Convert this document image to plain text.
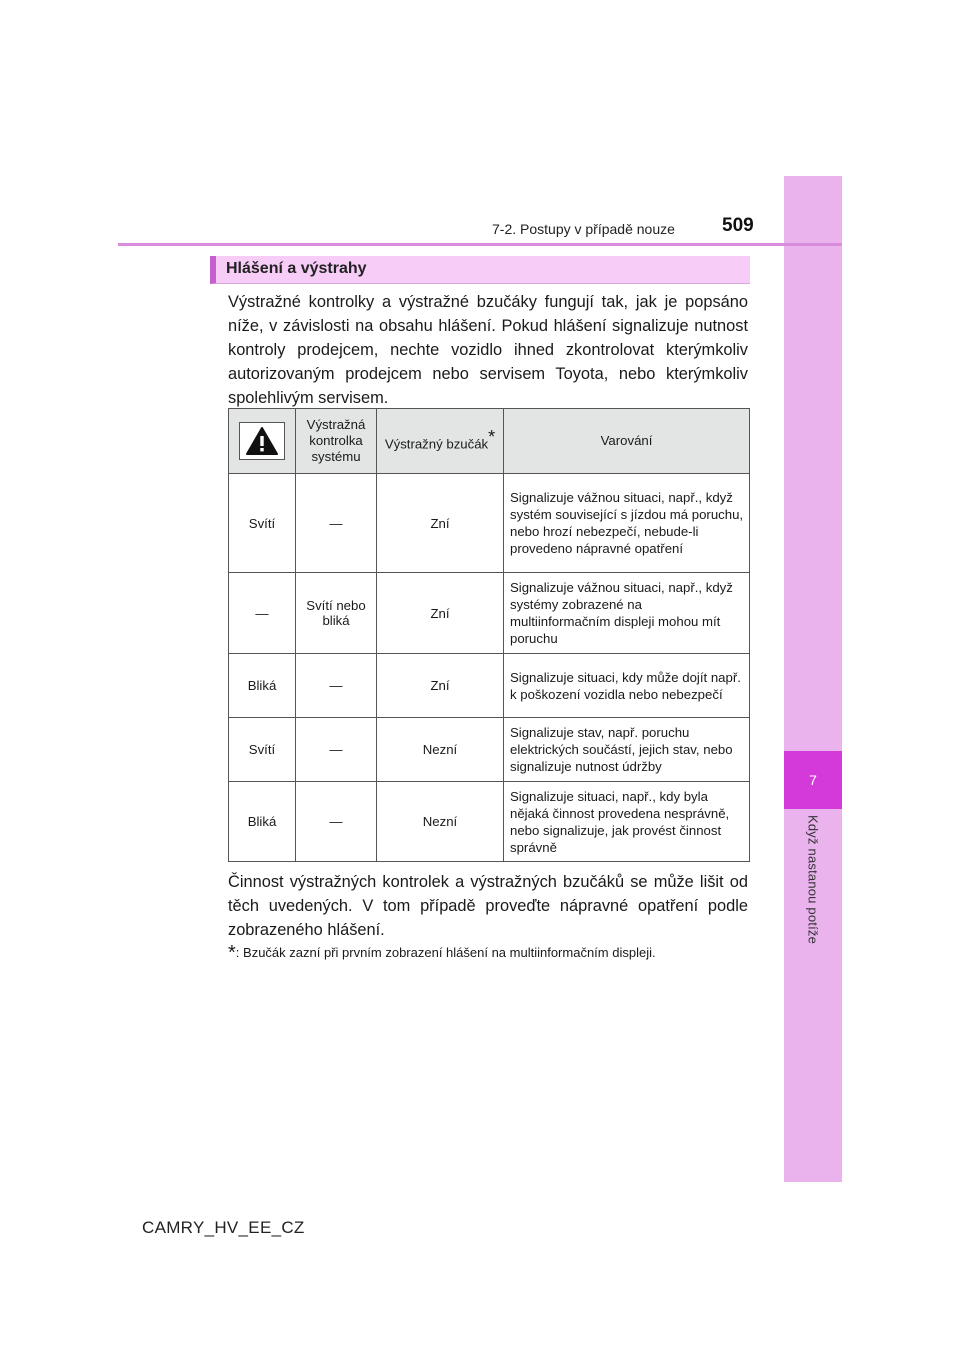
7
Když nastanou potíže
7-2. Postupy v případě nouze 509
Hlášení a výstrahy
Výstražné kontrolky a výstražné bzučáky fungují tak, jak je popsáno níže, v závislosti na obsahu hlášení. Pokud hlášení signalizuje nutnost kontroly prodejcem, nechte vozidlo ihned zkontrolovat kterýmkoliv autorizovaným prodejcem nebo servisem Toyota, nebo kterýmkoliv spolehlivým servisem.
	Výstražná kontrolka systému	Výstražný bzučák*	Varování
Svítí	—	Zní	Signalizuje vážnou situaci, např., když systém související s jízdou má poruchu, nebo hrozí nebezpečí, nebude-li provedeno nápravné opatření
—	Svítí nebo bliká	Zní	Signalizuje vážnou situaci, např., když systémy zobrazené na multiinformačním displeji mohou mít poruchu
Bliká	—	Zní	Signalizuje situaci, kdy může dojít např. k poškození vozidla nebo nebezpečí
Svítí	—	Nezní	Signalizuje stav, např. poruchu elektrických součástí, jejich stav, nebo signalizuje nutnost údržby
Bliká	—	Nezní	Signalizuje situaci, např., kdy byla nějaká činnost provedena nesprávně, nebo signalizuje, jak provést činnost správně
Činnost výstražných kontrolek a výstražných bzučáků se může lišit od těch uvedených. V tom případě proveďte nápravné opatření podle zobrazeného hlášení.
*: Bzučák zazní při prvním zobrazení hlášení na multiinformačním displeji.
CAMRY_HV_EE_CZ
